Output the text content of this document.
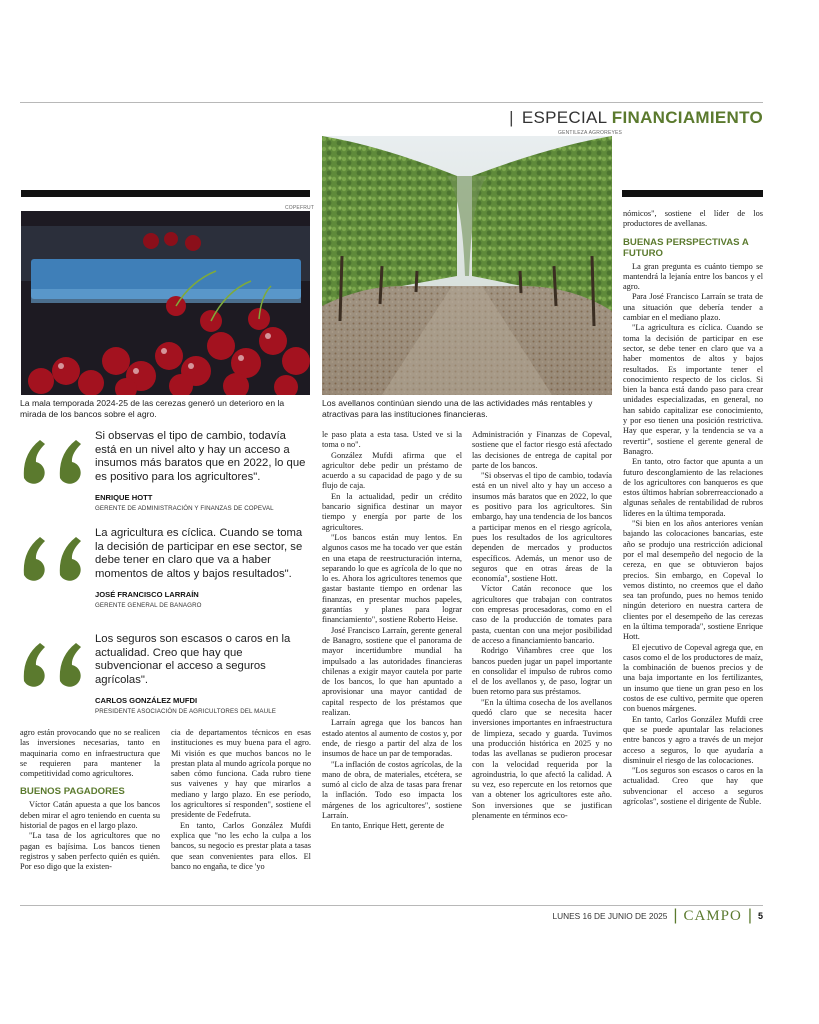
| ESPECIAL FINANCIAMIENTO
GENTILEZA AGROREYES
Los avellanos continúan siendo una de las actividades más rentables y atractivas para las instituciones financieras.
COPEFRUT
La mala temporada 2024-25 de las cerezas generó un deterioro en la mirada de los bancos sobre el agro.
Si observas el tipo de cambio, todavía está en un nivel alto y hay un acceso a insumos más baratos que en 2022, lo que es positivo para los agricultores".
ENRIQUE HOTT
GERENTE DE ADMINISTRACIÓN Y FINANZAS DE COPEVAL
La agricultura es cíclica. Cuando se toma la decisión de participar en ese sector, se debe tener en claro que va a haber momentos de altos y bajos resultados".
JOSÉ FRANCISCO LARRAÍN
GERENTE GENERAL DE BANAGRO
Los seguros son escasos o caros en la actualidad. Creo que hay que subvencionar el acceso a seguros agrícolas".
CARLOS GONZÁLEZ MUFDI
PRESIDENTE ASOCIACIÓN DE AGRICULTORES DEL MAULE

agro están provocando que no se realicen las inversiones necesarias, tanto en maquinaria como en infraestructura que se requieren para mantener la competitividad como agricultores.

BUENOS PAGADORES

Víctor Catán apuesta a que los bancos deben mirar el agro teniendo en cuenta su historial de pagos en el largo plazo.

"La tasa de los agricultores que no pagan es bajísima. Los bancos tienen registros y saben perfecto quién es quién. Por eso digo que la existen-

cia de departamentos técnicos en esas instituciones es muy buena para el agro. Mi visión es que muchos bancos no le prestan plata al mundo agrícola porque no saben cómo funciona. Cada rubro tiene sus vaivenes y hay que mirarlos a mediano y largo plazo. En ese período, los agricultores sí responden", sostiene el presidente de Fedefruta.

En tanto, Carlos González Mufdi explica que "no les echo la culpa a los bancos, su negocio es prestar plata a tasas que sean convenientes para ellos. El banco no engaña, te dice 'yo

le paso plata a esta tasa. Usted ve si la toma o no".

González Mufdi afirma que el agricultor debe pedir un préstamo de acuerdo a su capacidad de pago y de su flujo de caja.

En la actualidad, pedir un crédito bancario significa destinar un mayor tiempo y energía por parte de los agricultores.

"Los bancos están muy lentos. En algunos casos me ha tocado ver que están en una etapa de reestructuración interna, separando lo que es agrícola de lo que no lo es. Ahora los agricultores tenemos que gastar bastante tiempo en ordenar las finanzas, en presentar muchos papeles, garantías y planes para lograr financiamiento", sostiene Roberto Heise.

José Francisco Larraín, gerente general de Banagro, sostiene que el panorama de mayor incertidumbre mundial ha impulsado a las autoridades financieras chilenas a exigir mayor cautela por parte de los bancos, lo que han apuntado a aprovisionar una mayor cantidad de capital respecto de los préstamos que realizan.

Larraín agrega que los bancos han estado atentos al aumento de costos y, por ende, de riesgo a partir del alza de los insumos de hace un par de temporadas.

"La inflación de costos agrícolas, de la mano de obra, de materiales, etcétera, se sumó al ciclo de alza de tasas para frenar la inflación. Todo eso impacta los márgenes de los agricultores", sostiene Larraín.

En tanto, Enrique Hett, gerente de

Administración y Finanzas de Copeval, sostiene que el factor riesgo está afectado las decisiones de entrega de capital por parte de los bancos.

"Si observas el tipo de cambio, todavía está en un nivel alto y hay un acceso a insumos más baratos que en 2022, lo que es positivo para los agricultores. Sin embargo, hay una tendencia de los bancos a participar menos en el riesgo agrícola, pues los resultados de los agricultores dependen de mercados y productos específicos. Además, un menor uso de seguros que en otras áreas de la economía", sostiene Hott.

Víctor Catán reconoce que los agricultores que trabajan con contratos con empresas procesadoras, como en el caso de la producción de tomates para pasta, cuentan con una mejor posibilidad de acceso a financiamiento bancario.

Rodrigo Viñambres cree que los bancos pueden jugar un papel importante en consolidar el impulso de rubros como el de los avellanos y, de paso, lograr un buen retorno para sus préstamos.

"En la última cosecha de los avellanos quedó claro que se necesita hacer inversiones importantes en infraestructura de limpieza, secado y guarda. Tuvimos una producción histórica en 2025 y no todas las avellanas se pudieron procesar con la velocidad requerida por la agroindustria, lo que afectó la calidad. A su vez, eso repercute en los retornos que van a obtener los agricultores este año. Son inversiones que se justifican plenamente en términos eco-

nómicos", sostiene el líder de los productores de avellanas.

BUENAS PERSPECTIVAS A FUTURO

La gran pregunta es cuánto tiempo se mantendrá la lejanía entre los bancos y el agro.

Para José Francisco Larraín se trata de una situación que debería tender a cambiar en el mediano plazo.

"La agricultura es cíclica. Cuando se toma la decisión de participar en ese sector, se debe tener en claro que va a haber momentos de altos y bajos resultados. Es importante tener el conocimiento respecto de los ciclos. Si bien la banca está dando paso para crear unidades especializadas, en general, no han sabido capitalizar ese conocimiento, y por eso tienen una posición restrictiva. Hay que esperar, y la tendencia se va a revertir", sostiene el gerente general de Banagro.

En tanto, otro factor que apunta a un futuro desconglamiento de las relaciones de los agricultores con banqueros es que estos últimos habrían sobrerreaccionado a algunas señales de rentabilidad de rubros líderes en la última temporada.

"Si bien en los años anteriores venían bajando las colocaciones bancarias, este año se produjo una restricción adicional por el mal desempeño del negocio de la cereza, en que se obtuvieron bajos precios. Sin embargo, en Copeval lo vemos distinto, no creemos que el daño sea tan profundo, pues no hemos tenido ningún deterioro en nuestra cartera de clientes por el desempeño de las cerezas en la última temporada", sostiene Enrique Hott.

El ejecutivo de Copeval agrega que, en casos como el de los productores de maíz, la combinación de buenos precios y de una baja importante en los fertilizantes, un insumo que tiene un gran peso en los costos de ese cultivo, permite que operen con buenos márgenes.

En tanto, Carlos González Mufdi cree que se puede apuntalar las relaciones entre bancos y agro a través de un mejor acceso a seguros, lo que ayudaría a disminuir el riesgo de las colocaciones.

"Los seguros son escasos o caros en la actualidad. Creo que hay que subvencionar el acceso a seguros agrícolas", sostiene el dirigente de Ñuble.

LUNES 16 DE JUNIO DE 2025 | CAMPO | 5
